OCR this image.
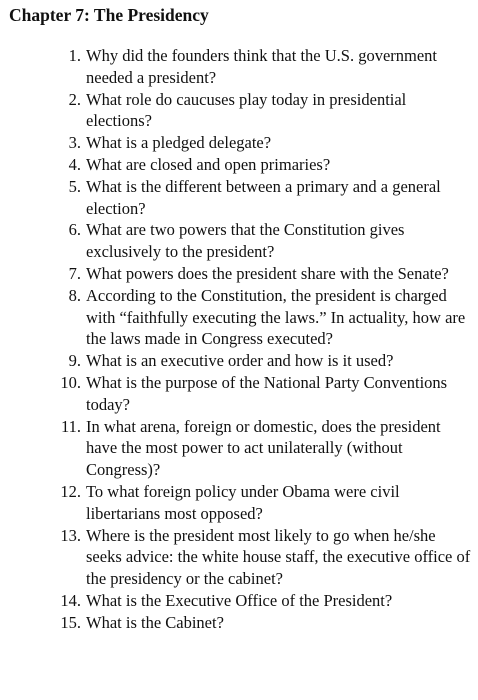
Chapter 7: The Presidency
1. Why did the founders think that the U.S. government needed a president?
2. What role do caucuses play today in presidential elections?
3. What is a pledged delegate?
4. What are closed and open primaries?
5. What is the different between a primary and a general election?
6. What are two powers that the Constitution gives exclusively to the president?
7. What powers does the president share with the Senate?
8. According to the Constitution, the president is charged with “faithfully executing the laws.” In actuality, how are the laws made in Congress executed?
9. What is an executive order and how is it used?
10. What is the purpose of the National Party Conventions today?
11. In what arena, foreign or domestic, does the president have the most power to act unilaterally (without Congress)?
12. To what foreign policy under Obama were civil libertarians most opposed?
13. Where is the president most likely to go when he/she seeks advice: the white house staff, the executive office of the presidency or the cabinet?
14. What is the Executive Office of the President?
15. What is the Cabinet?
